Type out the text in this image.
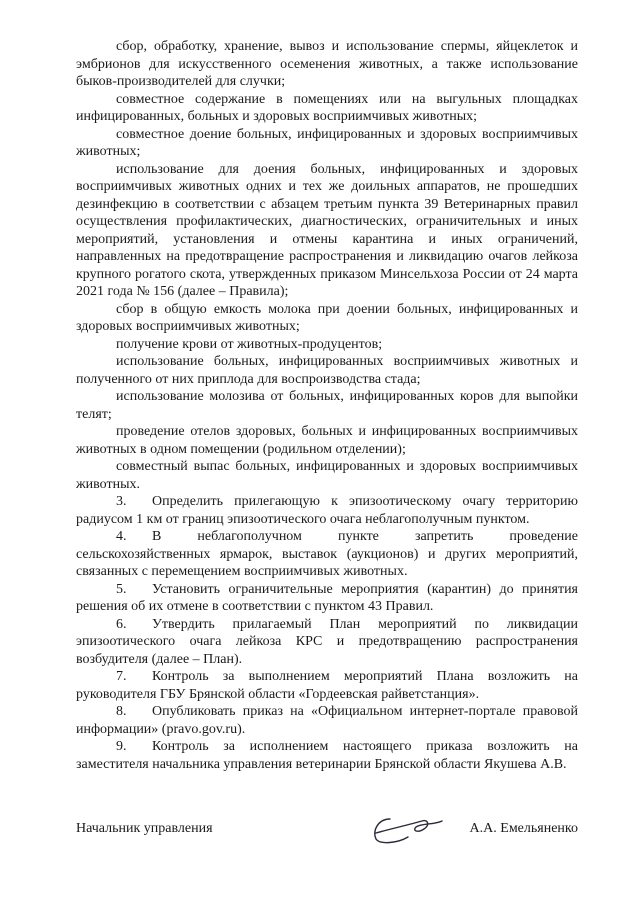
сбор, обработку, хранение, вывоз и использование спермы, яйцеклеток и эмбрионов для искусственного осеменения животных, а также использование быков-производителей для случки;

совместное содержание в помещениях или на выгульных площадках инфицированных, больных и здоровых восприимчивых животных;

совместное доение больных, инфицированных и здоровых восприимчивых животных;

использование для доения больных, инфицированных и здоровых восприимчивых животных одних и тех же доильных аппаратов, не прошедших дезинфекцию в соответствии с абзацем третьим пункта 39 Ветеринарных правил осуществления профилактических, диагностических, ограничительных и иных мероприятий, установления и отмены карантина и иных ограничений, направленных на предотвращение распространения и ликвидацию очагов лейкоза крупного рогатого скота, утвержденных приказом Минсельхоза России от 24 марта 2021 года № 156 (далее – Правила);

сбор в общую емкость молока при доении больных, инфицированных и здоровых восприимчивых животных;

получение крови от животных-продуцентов;

использование больных, инфицированных восприимчивых животных и полученного от них приплода для воспроизводства стада;

использование молозива от больных, инфицированных коров для выпойки телят;

проведение отелов здоровых, больных и инфицированных восприимчивых животных в одном помещении (родильном отделении);

совместный выпас больных, инфицированных и здоровых восприимчивых животных.

3. Определить прилегающую к эпизоотическому очагу территорию радиусом 1 км от границ эпизоотического очага неблагополучным пунктом.

4. В неблагополучном пункте запретить проведение сельскохозяйственных ярмарок, выставок (аукционов) и других мероприятий, связанных с перемещением восприимчивых животных.

5. Установить ограничительные мероприятия (карантин) до принятия решения об их отмене в соответствии с пунктом 43 Правил.

6. Утвердить прилагаемый План мероприятий по ликвидации эпизоотического очага лейкоза КРС и предотвращению распространения возбудителя (далее – План).

7. Контроль за выполнением мероприятий Плана возложить на руководителя ГБУ Брянской области «Гордеевская райветстанция».

8. Опубликовать приказ на «Официальном интернет-портале правовой информации» (pravo.gov.ru).

9. Контроль за исполнением настоящего приказа возложить на заместителя начальника управления ветеринарии Брянской области Якушева А.В.

Начальник управления	А.А. Емельяненко
